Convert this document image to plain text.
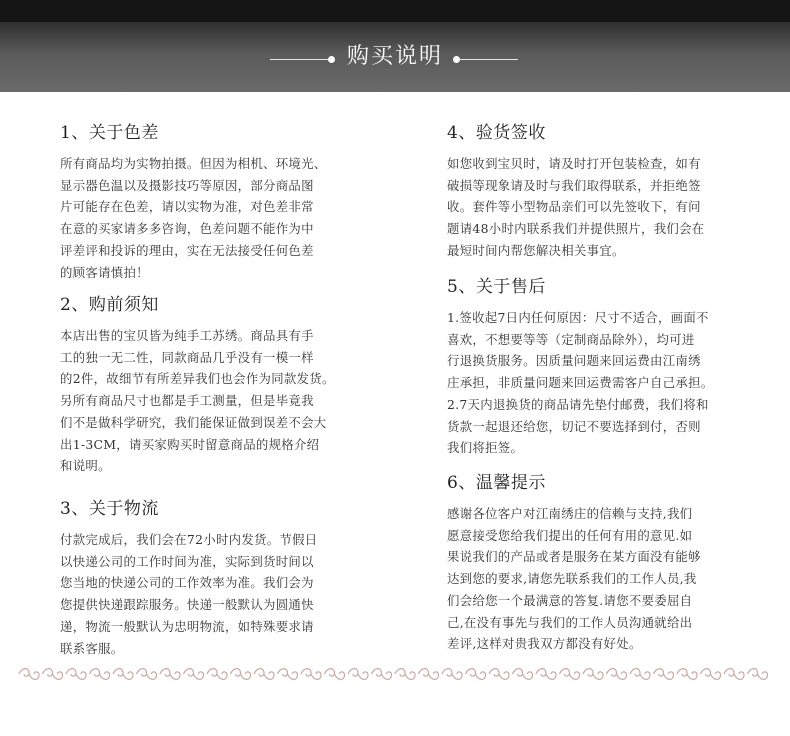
购买说明
1、关于色差
所有商品均为实物拍摄。但因为相机、环境光、
显示器色温以及摄影技巧等原因，部分商品图
片可能存在色差，请以实物为准，对色差非常
在意的买家请多多咨询，色差问题不能作为中
评差评和投诉的理由，实在无法接受任何色差
的顾客请慎拍！
2、购前须知
本店出售的宝贝皆为纯手工苏绣。商品具有手
工的独一无二性，同款商品几乎没有一模一样
的2件，故细节有所差异我们也会作为同款发货。
另所有商品尺寸也都是手工测量，但是毕竟我
们不是做科学研究，我们能保证做到误差不会大
出1-3CM，请买家购买时留意商品的规格介绍
和说明。
3、关于物流
付款完成后，我们会在72小时内发货。节假日
以快递公司的工作时间为准，实际到货时间以
您当地的快递公司的工作效率为准。我们会为
您提供快递跟踪服务。快递一般默认为圆通快
递，物流一般默认为忠明物流，如特殊要求请
联系客服。
4、验货签收
如您收到宝贝时，请及时打开包装检查，如有
破损等现象请及时与我们取得联系，并拒绝签
收。套件等小型物品亲们可以先签收下，有问
题请48小时内联系我们并提供照片，我们会在
最短时间内帮您解决相关事宜。
5、关于售后
1.签收起7日内任何原因：尺寸不适合，画面不
喜欢，不想要等等（定制商品除外），均可进
行退换货服务。因质量问题来回运费由江南绣
庄承担，非质量问题来回运费需客户自己承担。
2.7天内退换货的商品请先垫付邮费，我们将和
货款一起退还给您，切记不要选择到付，否则
我们将拒签。
6、温馨提示
感谢各位客户对江南绣庄的信赖与支持,我们
愿意接受您给我们提出的任何有用的意见.如
果说我们的产品或者是服务在某方面没有能够
达到您的要求,请您先联系我们的工作人员,我
们会给您一个最满意的答复.请您不要委屈自
己,在没有事先与我们的工作人员沟通就给出
差评,这样对贵我双方都没有好处。
